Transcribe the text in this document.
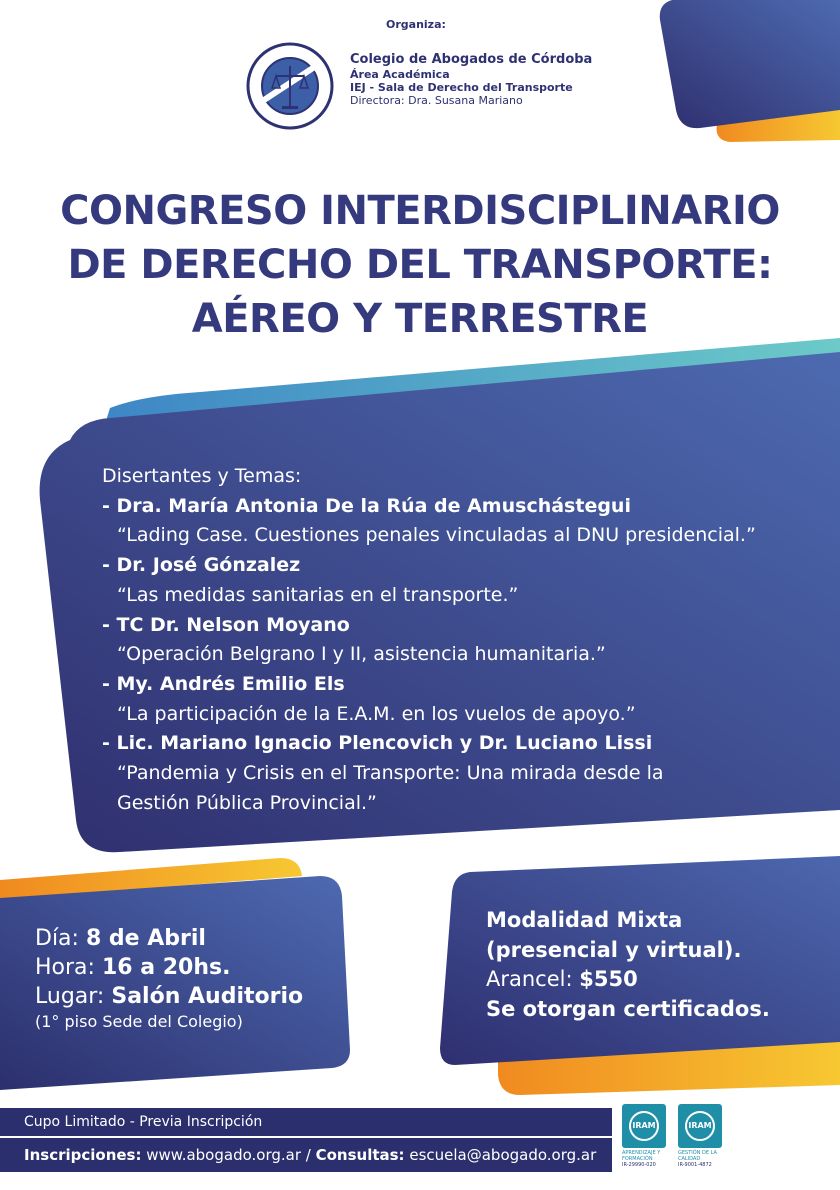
Organiza:
Colegio de Abogados de Córdoba
Área Académica
IEJ - Sala de Derecho del Transporte
Directora: Dra. Susana Mariano
CONGRESO INTERDISCIPLINARIO
DE DERECHO DEL TRANSPORTE:
AÉREO Y TERRESTRE
Disertantes y Temas:
- Dra. María Antonia De la Rúa de Amuschástegui
“Lading Case. Cuestiones penales vinculadas al DNU presidencial.”
- Dr. José Gónzalez
“Las medidas sanitarias en el transporte.”
- TC Dr. Nelson Moyano
“Operación Belgrano I y II, asistencia humanitaria.”
- My. Andrés Emilio Els
“La participación de la E.A.M. en los vuelos de apoyo.”
- Lic. Mariano Ignacio Plencovich y Dr. Luciano Lissi
“Pandemia y Crisis en el Transporte: Una mirada desde la
Gestión Pública Provincial.”
Día: 8 de Abril
Hora: 16 a 20hs.
Lugar: Salón Auditorio
(1° piso Sede del Colegio)
Modalidad Mixta
(presencial y virtual).
Arancel: $550
Se otorgan certificados.
Cupo Limitado - Previa Inscripción
Inscripciones: www.abogado.org.ar / Consultas: escuela@abogado.org.ar
IRAM
APRENDIZAJE Y FORMACIÓN
IR-29990-020
IRAM
GESTIÓN DE LA CALIDAD
IR-9001-4872
